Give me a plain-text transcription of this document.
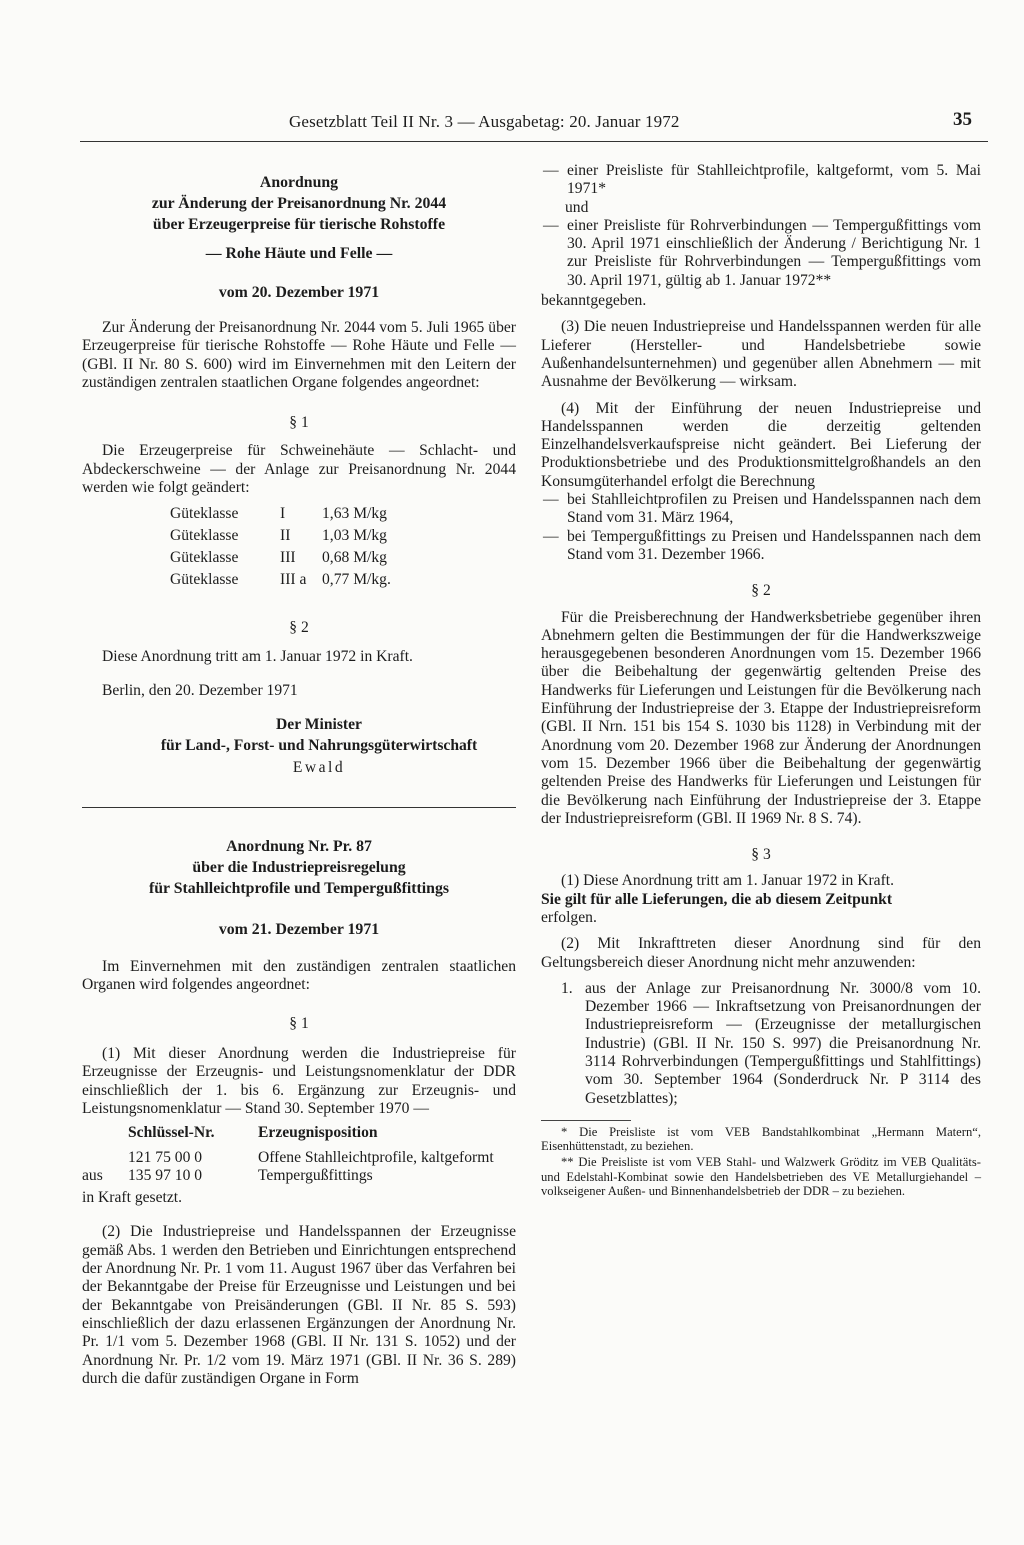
Gesetzblatt Teil II Nr. 3 — Ausgabetag: 20. Januar 1972	35
Anordnung
zur Änderung der Preisanordnung Nr. 2044
über Erzeugerpreise für tierische Rohstoffe
— Rohe Häute und Felle —
vom 20. Dezember 1971

Zur Änderung der Preisanordnung Nr. 2044 vom 5. Juli 1965 über Erzeugerpreise für tierische Rohstoffe — Rohe Häute und Felle — (GBl. II Nr. 80 S. 600) wird im Einvernehmen mit den Leitern der zuständigen zentralen staatlichen Organe folgendes angeordnet:

§ 1

Die Erzeugerpreise für Schweinehäute — Schlacht- und Abdeckerschweine — der Anlage zur Preisanordnung Nr. 2044 werden wie folgt geändert:

Güteklasse	I	1,63 M/kg
Güteklasse	II	1,03 M/kg
Güteklasse	III	0,68 M/kg
Güteklasse	III a	0,77 M/kg.

§ 2

Diese Anordnung tritt am 1. Januar 1972 in Kraft.

Berlin, den 20. Dezember 1971

Der Minister

für Land-, Forst- und Nahrungsgüterwirtschaft

Ewald

Anordnung Nr. Pr. 87
über die Industriepreisregelung
für Stahlleichtprofile und Tempergußfittings
vom 21. Dezember 1971

Im Einvernehmen mit den zuständigen zentralen staatlichen Organen wird folgendes angeordnet:

§ 1

(1) Mit dieser Anordnung werden die Industriepreise für Erzeugnisse der Erzeugnis- und Leistungsnomenklatur der DDR einschließlich der 1. bis 6. Ergänzung zur Erzeugnis- und Leistungsnomenklatur — Stand 30. September 1970 —

	Schlüssel-Nr.	Erzeugnisposition

	121 75 00 0	Offene Stahlleichtprofile, kaltgeformt
aus	135 97 10 0	Tempergußfittings

in Kraft gesetzt.

(2) Die Industriepreise und Handelsspannen der Erzeugnisse gemäß Abs. 1 werden den Betrieben und Einrichtungen entsprechend der Anordnung Nr. Pr. 1 vom 11. August 1967 über das Verfahren bei der Bekanntgabe der Preise für Erzeugnisse und Leistungen und bei der Bekanntgabe von Preisänderungen (GBl. II Nr. 85 S. 593) einschließlich der dazu erlassenen Ergänzungen der Anordnung Nr. Pr. 1/1 vom 5. Dezember 1968 (GBl. II Nr. 131 S. 1052) und der Anordnung Nr. Pr. 1/2 vom 19. März 1971 (GBl. II Nr. 36 S. 289) durch die dafür zuständigen Organe in Form

— einer Preisliste für Stahlleichtprofile, kaltgeformt, vom 5. Mai 1971*

und

— einer Preisliste für Rohrverbindungen — Tempergußfittings vom 30. April 1971 einschließlich der Änderung / Berichtigung Nr. 1 zur Preisliste für Rohrverbindungen — Tempergußfittings vom 30. April 1971, gültig ab 1. Januar 1972**

bekanntgegeben.

(3) Die neuen Industriepreise und Handelsspannen werden für alle Lieferer (Hersteller- und Handelsbetriebe sowie Außenhandelsunternehmen) und gegenüber allen Abnehmern — mit Ausnahme der Bevölkerung — wirksam.

(4) Mit der Einführung der neuen Industriepreise und Handelsspannen werden die derzeitig geltenden Einzelhandelsverkaufspreise nicht geändert. Bei Lieferung der Produktionsbetriebe und des Produktionsmittelgroßhandels an den Konsumgüterhandel erfolgt die Berechnung

— bei Stahlleichtprofilen zu Preisen und Handelsspannen nach dem Stand vom 31. März 1964,
— bei Tempergußfittings zu Preisen und Handelsspannen nach dem Stand vom 31. Dezember 1966.

§ 2

Für die Preisberechnung der Handwerksbetriebe gegenüber ihren Abnehmern gelten die Bestimmungen der für die Handwerkszweige herausgegebenen besonderen Anordnungen vom 15. Dezember 1966 über die Beibehaltung der gegenwärtig geltenden Preise des Handwerks für Lieferungen und Leistungen für die Bevölkerung nach Einführung der Industriepreise der 3. Etappe der Industriepreisreform (GBl. II Nrn. 151 bis 154 S. 1030 bis 1128) in Verbindung mit der Anordnung vom 20. Dezember 1968 zur Änderung der Anordnungen vom 15. Dezember 1966 über die Beibehaltung der gegenwärtig geltenden Preise des Handwerks für Lieferungen und Leistungen für die Bevölkerung nach Einführung der Industriepreise der 3. Etappe der Industriepreisreform (GBl. II 1969 Nr. 8 S. 74).

§ 3

(1) Diese Anordnung tritt am 1. Januar 1972 in Kraft.

Sie gilt für alle Lieferungen, die ab diesem Zeitpunkt

erfolgen.

(2) Mit Inkrafttreten dieser Anordnung sind für den Geltungsbereich dieser Anordnung nicht mehr anzuwenden:

1. aus der Anlage zur Preisanordnung Nr. 3000/8 vom 10. Dezember 1966 — Inkraftsetzung von Preisanordnungen der Industriepreisreform — (Erzeugnisse der metallurgischen Industrie) (GBl. II Nr. 150 S. 997) die Preisanordnung Nr. 3114 Rohrverbindungen (Tempergußfittings und Stahlfittings) vom 30. September 1964 (Sonderdruck Nr. P 3114 des Gesetzblattes);

* Die Preisliste ist vom VEB Bandstahlkombinat „Hermann Matern“, Eisenhüttenstadt, zu beziehen.

** Die Preisliste ist vom VEB Stahl- und Walzwerk Gröditz im VEB Qualitäts- und Edelstahl-Kombinat sowie den Handelsbetrieben des VE Metallurgiehandel – volkseigener Außen- und Binnenhandelsbetrieb der DDR – zu beziehen.
